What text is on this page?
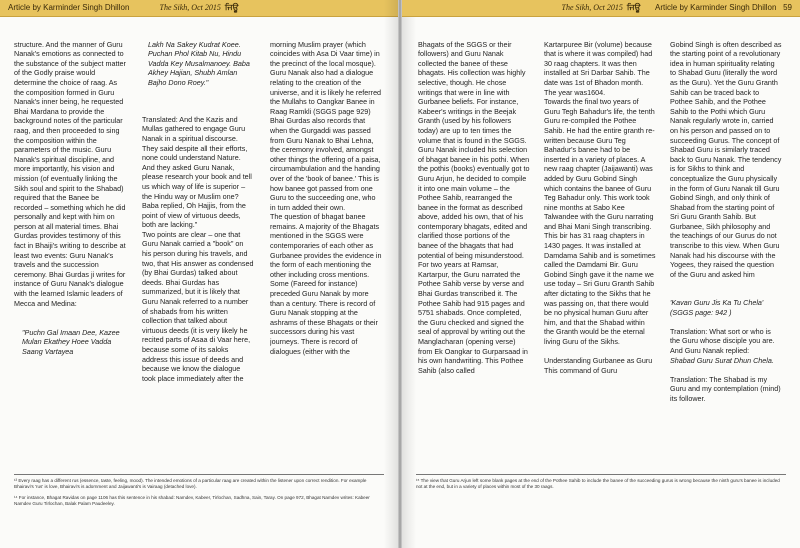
Article by Karminder Singh Dhillon	The Sikh, Oct 2015 ਜਿਊ

structure. And the manner of Guru Nanak's emotions as connected to the substance of the subject matter of the Godly praise would determine the choice of raag. As the composition formed in Guru Nanak's inner being, he requested Bhai Mardana to provide the background notes of the particular raag, and then proceeded to sing the composition within the parameters of the music. Guru Nanak's spiritual discipline, and more importantly, his vision and mission (of eventually linking the Sikh soul and spirit to the Shabad) required that the Banee be recorded – something which he did personally and kept with him on person at all material times. Bhai Gurdas provides testimony of this fact in Bhaiji's writing to describe at least two events: Guru Nanak's travels and the succession ceremony. Bhai Gurdas ji writes for instance of Guru Nanak's dialogue with the learned Islamic leaders of Mecca and Medina:

"Puchn Gal Imaan Dee, Kazee Mulan Ekathey Hoee Vadda Saang Vartayea

Lakh Na Sakey Kudrat Koee. Puchan Phol Kitab Nu, Hindu Vadda Key Musalmanoey. Baba Akhey Hajian, Shubh Amlan Bajho Dono Roey."

Translated: And the Kazis and Mullas gathered to engage Guru Nanak in a spiritual discourse. They said despite all their efforts, none could understand Nature. And they asked Guru Nanak, please research your book and tell us which way of life is superior – the Hindu way or Muslim one? Baba replied, Oh Hajjis, from the point of view of virtuous deeds, both are lacking."
Two points are clear – one that Guru Nanak carried a "book" on his person during his travels, and two, that His answer as condensed (by Bhai Gurdas) talked about deeds. Bhai Gurdas has summarized, but it is likely that Guru Nanak referred to a number of shabads from his written collection that talked about virtuous deeds (it is very likely he recited parts of Asaa di Vaar here, because some of its saloks address this issue of deeds and because we know the dialogue took place immediately after the

morning Muslim prayer (which coincides with Asa Di Vaar time) in the precinct of the local mosque). Guru Nanak also had a dialogue relating to the creation of the universe, and it is likely he referred the Mullahs to Oangkar Banee in Raag Ramkli (SGGS page 929) Bhai Gurdas also records that when the Gurgaddi was passed from Guru Nanak to Bhai Lehna, the ceremony involved, amongst other things the offering of a paisa, circumambulation and the handing over of the 'book of banee.' This is how banee got passed from one Guru to the succeeding one, who in turn added their own.
The question of bhagat banee remains. A majority of the Bhagats mentioned in the SGGS were contemporaries of each other as Gurbanee provides the evidence in the form of each mentioning the other including cross mentions. Some (Fareed for instance) preceded Guru Nanak by more than a century. There is record of Guru Nanak stopping at the ashrams of these Bhagats or their successors during his vast journeys. There is record of dialogues (either with the

¹³ Every raag has a different rus (essence, taste, feeling, mood). The intended emotions of a particular raag are created within the listener upon correct rendition. For example Bhairavi's 'rus' is love, Bhairavi's is adornment and Jaijawanti's is Vairaag (detached love).

¹⁴ For instance, Bhagat Ravidas on page 1106 has this sentence in his shabad: Namdev, Kabeer, Tirlochan, Sadhna, Sain, Taray. On page 972, Bhagat Namdev writes: Kabeer Namdev Guru Tirlochan, Balak Palam Paudeeley.

The Sikh, Oct 2015 ਜਿਊ	Article by Karminder Singh Dhillon 59

Bhagats of the SGGS or their followers) and Guru Nanak collected the banee of these bhagats. His collection was highly selective, though. He chose writings that were in line with Gurbanee beliefs. For instance, Kabeer's writings in the Beejak Granth (used by his followers today) are up to ten times the volume that is found in the SGGS. Guru Nanak included his selection of bhagat banee in his pothi. When the pothis (books) eventually got to Guru Arjun, he decided to compile it into one main volume – the Pothee Sahib, rearranged the banee in the format as described above, added his own, that of his contemporary bhagats, edited and clarified those portions of the banee of the bhagats that had potential of being misunderstood. For two years at Ramsar, Kartarpur, the Guru narrated the Pothee Sahib verse by verse and Bhai Gurdas transcribed it. The Pothee Sahib had 915 pages and 5751 shabads. Once completed, the Guru checked and signed the seal of approval by writing out the Manglacharan (opening verse) from Ek Oangkar to Gurparsaad in his own handwriting. This Pothee Sahib (also called

Kartarpuree Bir (volume) because that is where it was compiled) had 30 raag chapters. It was then installed at Sri Darbar Sahib. The date was 1st of Bhadon month. The year was1604.
Towards the final two years of Guru Tegh Bahadur's life, the tenth Guru re-compiled the Pothee Sahib. He had the entire granth re-written because Guru Teg Bahadur's banee had to be inserted in a variety of places. A new raag chapter (Jaijawanti) was added by Guru Gobind Singh which contains the banee of Guru Teg Bahadur only. This work took nine months at Sabo Kee Talwandee with the Guru narrating and Bhai Mani Singh transcribing. This bir has 31 raag chapters in 1430 pages. It was installed at Damdama Sahib and is sometimes called the Damdami Bir. Guru Gobind Singh gave it the name we use today – Sri Guru Granth Sahib after dictating to the Sikhs that he was passing on, that there would be no physical human Guru after him, and that the Shabad within the Granth would be the eternal living Guru of the Sikhs.

Understanding Gurbanee as Guru
This command of Guru

Gobind Singh is often described as the starting point of a revolutionary idea in human spirituality relating to Shabad Guru (literally the word as the Guru). Yet the Guru Granth Sahib can be traced back to Pothee Sahib, and the Pothee Sahib to the Pothi which Guru Nanak regularly wrote in, carried on his person and passed on to succeeding Gurus. The concept of Shabad Guru is similarly traced back to Guru Nanak. The tendency is for Sikhs to think and conceptualize the Guru physically in the form of Guru Nanak till Guru Gobind Singh, and only think of Shabad from the starting point of Sri Guru Granth Sahib. But Gurbanee, Sikh philosophy and the teachings of our Gurus do not transcribe to this view. When Guru Nanak had his discourse with the Yogees, they raised the question of the Guru and asked him

'Kavan Guru Jis Ka Tu Chela' (SGGS page: 942 )

Translation: What sort or who is the Guru whose disciple you are. And Guru Nanak replied:

Shabad Guru Surat Dhun Chela.

Translation: The Shabad is my Guru and my contemplation (mind) its follower.

¹⁵ The view that Guru Arjun left some blank pages at the end of the Pothee Sahib to include the banee of the succeeding gurus is wrong because the ninth guru's banee is included not at the end, but in a variety of places within most of the 30 raags.
